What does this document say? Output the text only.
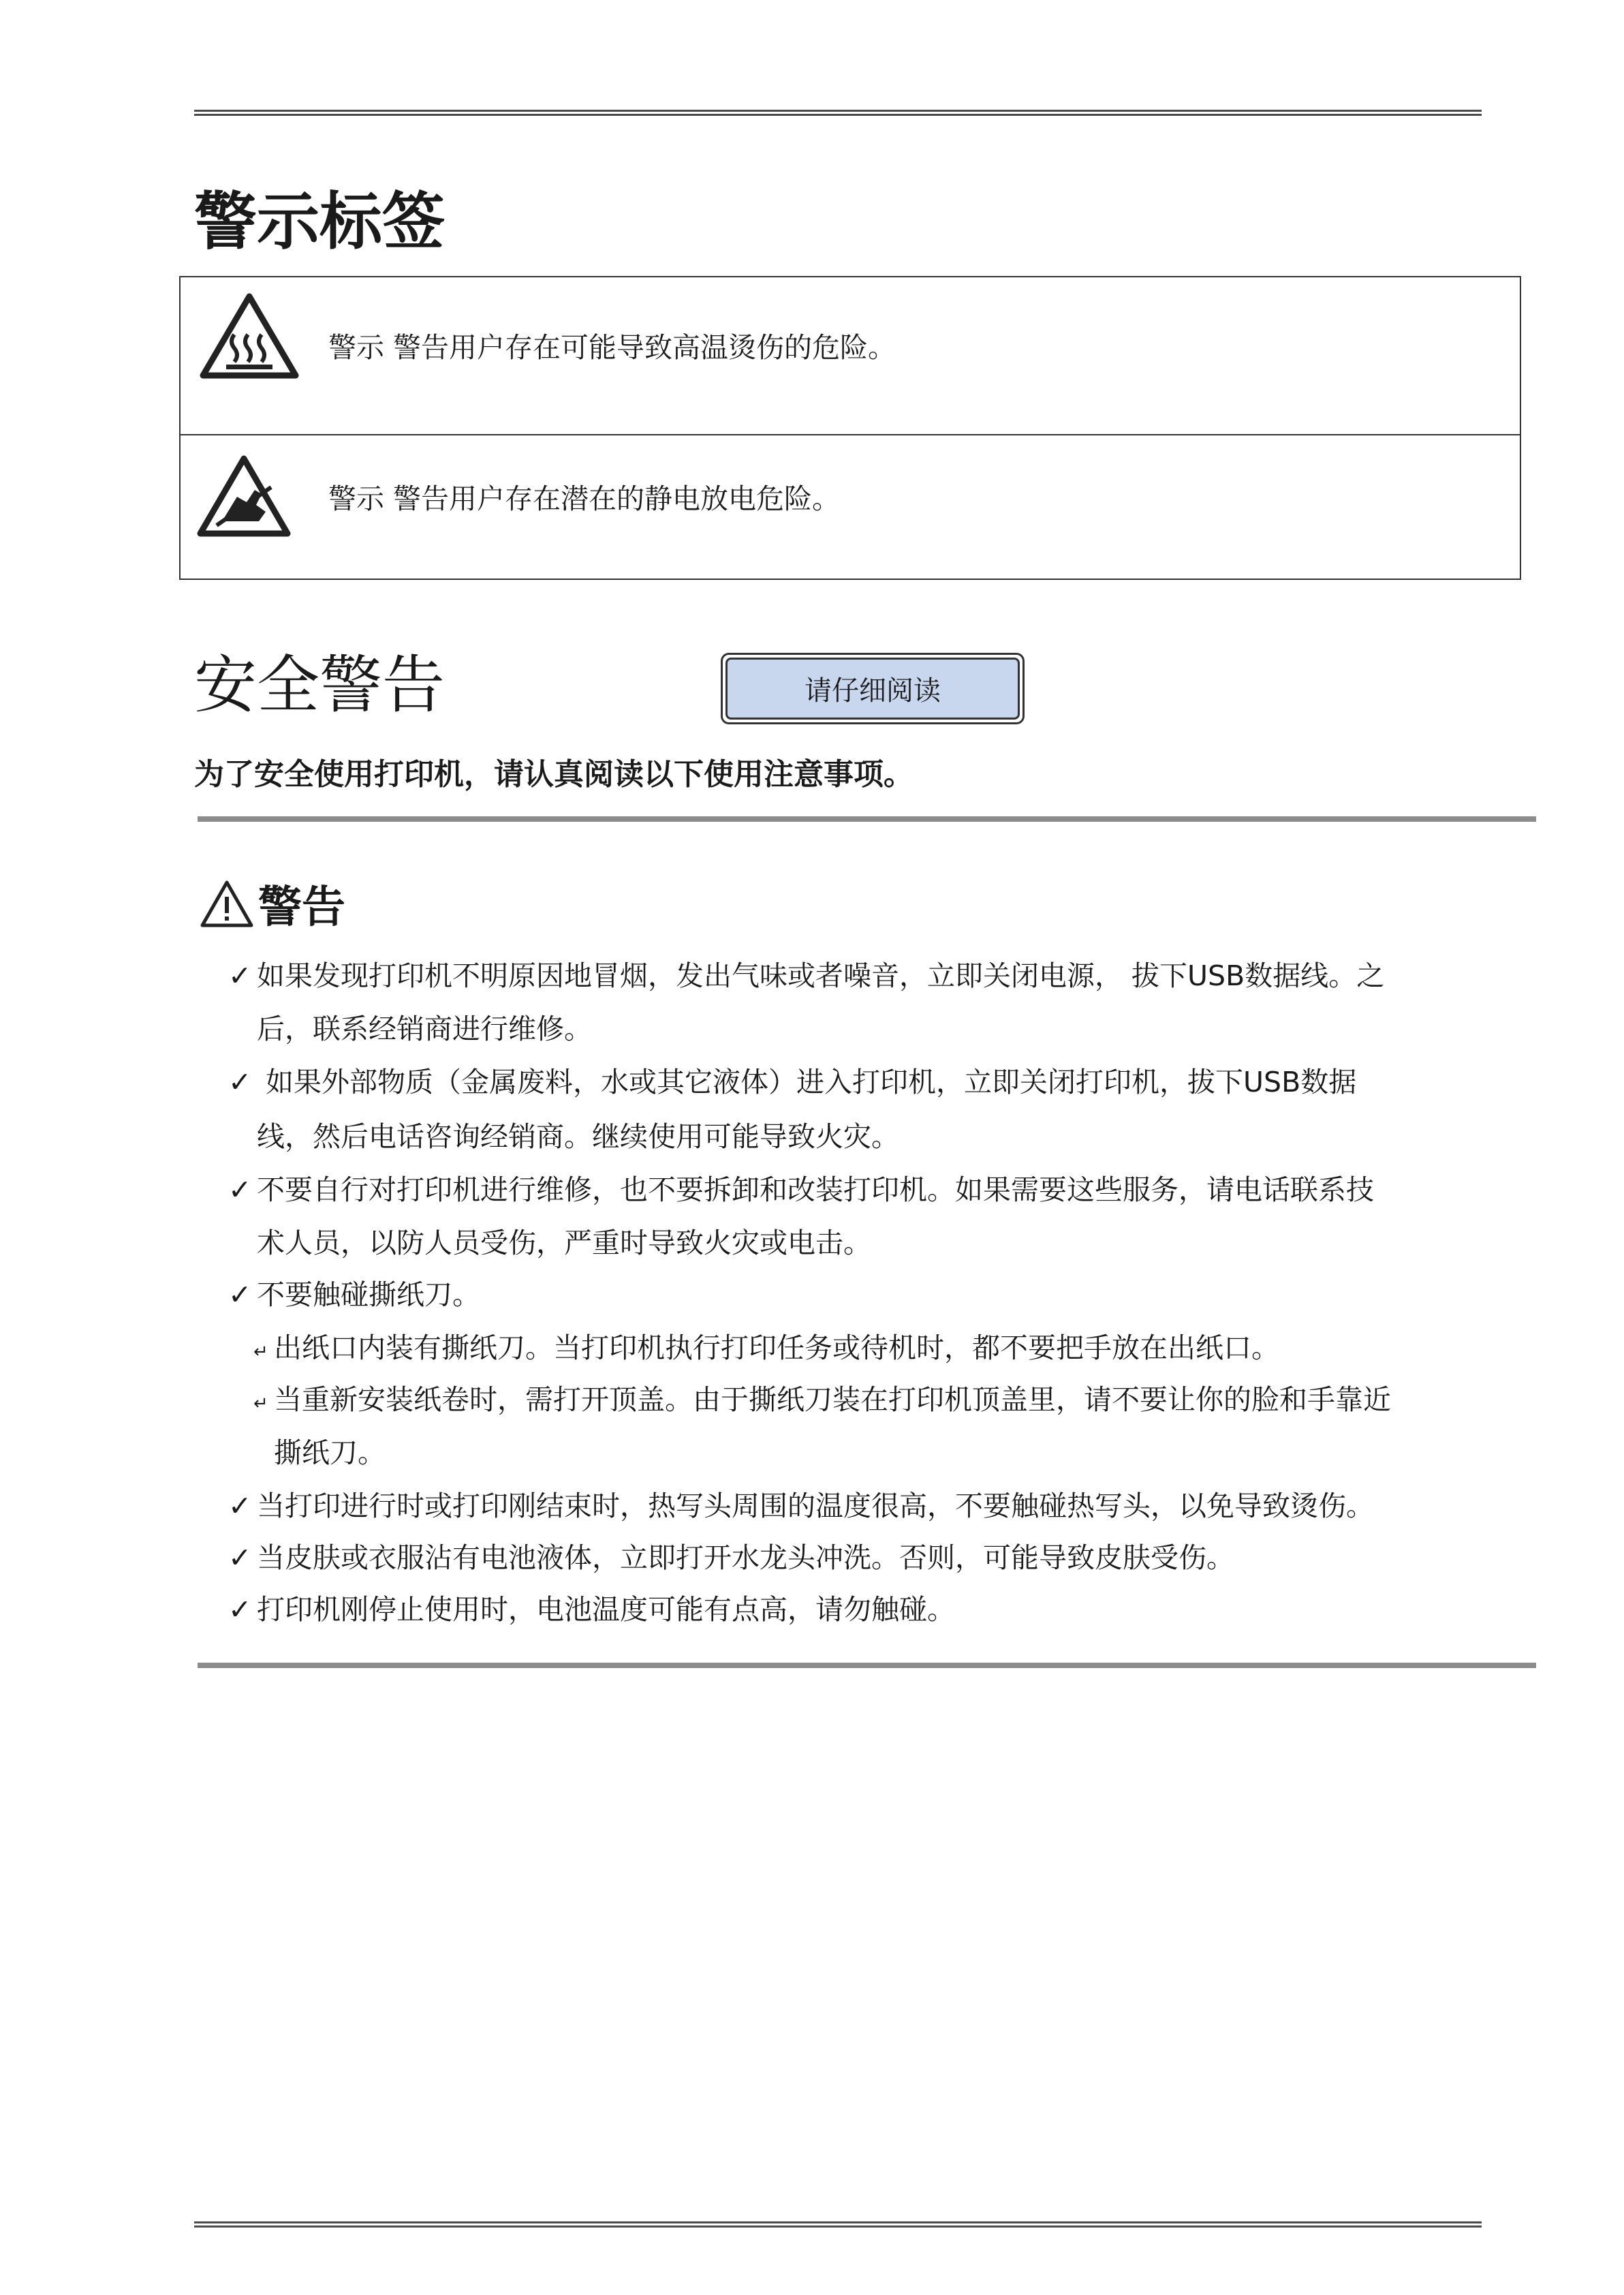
警示标签
警示 警告用户存在可能导致高温烫伤的危险。

警示 警告用户存在潜在的静电放电危险。
安全警告	请仔细阅读
为了安全使用打印机，请认真阅读以下使用注意事项。
警告
✓ 如果发现打印机不明原因地冒烟，发出气味或者噪音，立即关闭电源， 拔下USB数据线。之
后，联系经销商进行维修。
✓ 如果外部物质（金属废料，水或其它液体）进入打印机，立即关闭打印机，拔下USB数据
线，然后电话咨询经销商。继续使用可能导致火灾。
✓ 不要自行对打印机进行维修，也不要拆卸和改装打印机。如果需要这些服务，请电话联系技
术人员，以防人员受伤，严重时导致火灾或电击。
✓ 不要触碰撕纸刀。
↵ 出纸口内装有撕纸刀。当打印机执行打印任务或待机时，都不要把手放在出纸口。
↵ 当重新安装纸卷时，需打开顶盖。由于撕纸刀装在打印机顶盖里，请不要让你的脸和手靠近
撕纸刀。
✓ 当打印进行时或打印刚结束时，热写头周围的温度很高，不要触碰热写头，以免导致烫伤。
✓ 当皮肤或衣服沾有电池液体，立即打开水龙头冲洗。否则，可能导致皮肤受伤。
✓ 打印机刚停止使用时，电池温度可能有点高，请勿触碰。
